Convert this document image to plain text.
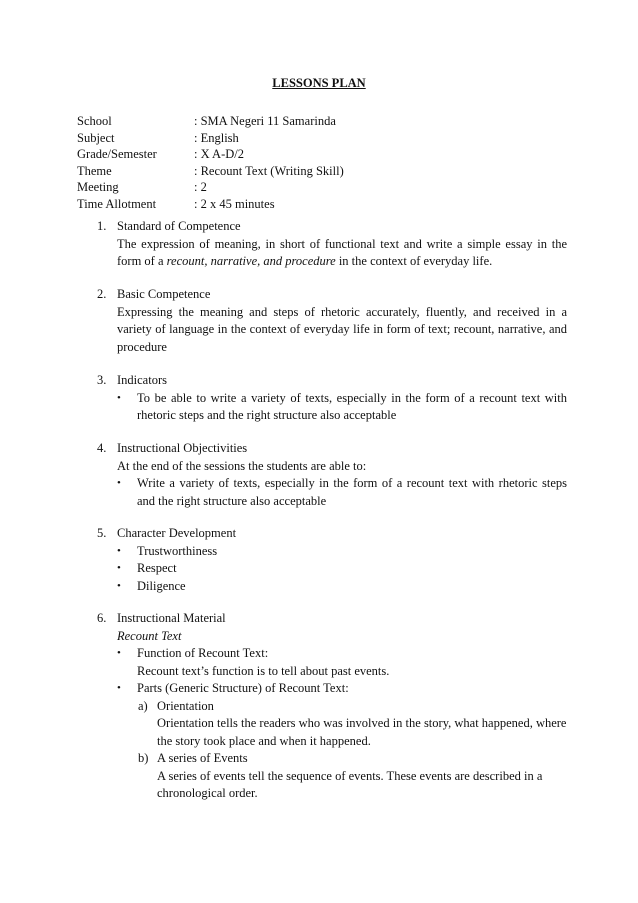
LESSONS PLAN
School	: SMA Negeri 11 Samarinda
Subject	: English
Grade/Semester	: X A-D/2
Theme	: Recount Text (Writing Skill)
Meeting	: 2
Time Allotment	: 2 x 45 minutes
1. Standard of Competence
The expression of meaning, in short of functional text and write a simple essay in the form of a recount, narrative, and procedure in the context of everyday life.
2. Basic Competence
Expressing the meaning and steps of rhetoric accurately, fluently, and received in a variety of language in the context of everyday life in form of text; recount, narrative, and procedure
3. Indicators
• To be able to write a variety of texts, especially in the form of a recount text with rhetoric steps and the right structure also acceptable
4. Instructional Objectivities
At the end of the sessions the students are able to:
• Write a variety of texts, especially in the form of a recount text with rhetoric steps and the right structure also acceptable
5. Character Development
• Trustworthiness
• Respect
• Diligence
6. Instructional Material
Recount Text
• Function of Recount Text:
Recount text’s function is to tell about past events.
• Parts (Generic Structure) of Recount Text:
a) Orientation
Orientation tells the readers who was involved in the story, what happened, where the story took place and when it happened.
b) A series of Events
A series of events tell the sequence of events. These events are described in a chronological order.
